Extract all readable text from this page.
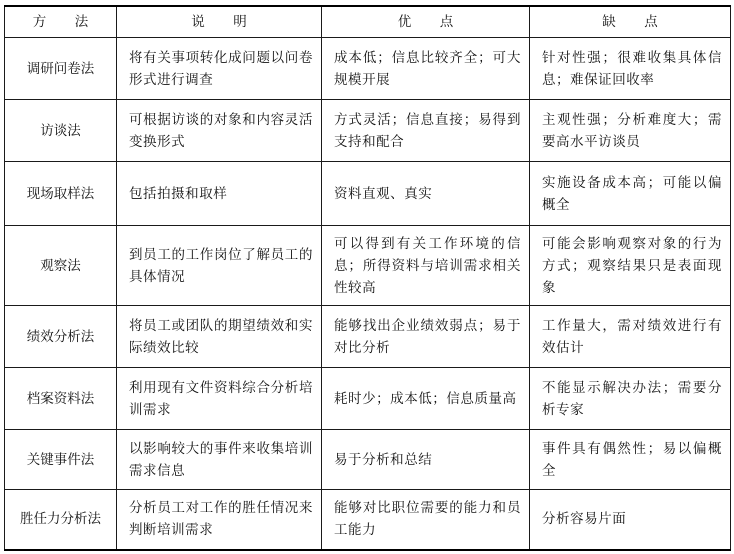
方 法	说 明	优 点	缺 点
调研问卷法	将有关事项转化成问题以问卷形式进行调查	成本低；信息比较齐全；可大规模开展	针对性强；很难收集具体信息；难保证回收率
访谈法	可根据访谈的对象和内容灵活变换形式	方式灵活；信息直接；易得到支持和配合	主观性强；分析难度大；需要高水平访谈员
现场取样法	包括拍摄和取样	资料直观、真实	实施设备成本高；可能以偏概全
观察法	到员工的工作岗位了解员工的具体情况	可以得到有关工作环境的信息；所得资料与培训需求相关性较高	可能会影响观察对象的行为方式；观察结果只是表面现象
绩效分析法	将员工或团队的期望绩效和实际绩效比较	能够找出企业绩效弱点；易于对比分析	工作量大，需对绩效进行有效估计
档案资料法	利用现有文件资料综合分析培训需求	耗时少；成本低；信息质量高	不能显示解决办法；需要分析专家
关键事件法	以影响较大的事件来收集培训需求信息	易于分析和总结	事件具有偶然性；易以偏概全
胜任力分析法	分析员工对工作的胜任情况来判断培训需求	能够对比职位需要的能力和员工能力	分析容易片面
